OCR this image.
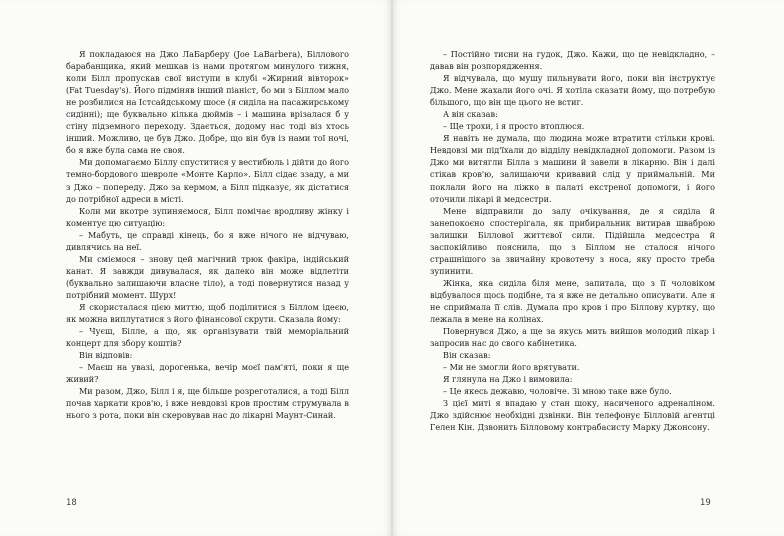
Я покладаюся на Джо ЛаБарберу (Joe LaBarbera), Біллового барабанщика, який мешкав із нами протягом минулого тижня, коли Білл пропускав свої виступи в клубі «Жирний вівторок» (Fat Tuesday's). Його підміняв інший піаніст, бо ми з Біллом мало не розбилися на Істсайдському шосе (я сиділа на пасажирському сидінні); ще буквально кілька дюймів – і машина врізалася б у стіну підземного переходу. Здається, додому нас тоді віз хтось інший. Можливо, це був Джо. Добре, що він був із нами тої ночі, бо я вже була сама не своя.

Ми допомагаємо Біллу спуститися у вестибюль і дійти до його темно-бордового шевроле «Монте Карло». Білл сідає ззаду, а ми з Джо – попереду. Джо за кермом, а Білл підказує, як дістатися до потрібної адреси в місті.

Коли ми вкотре зупиняємося, Білл помічає вродливу жінку і коментує цю ситуацію:

– Мабуть, це справді кінець, бо я вже нічого не відчуваю, дивлячись на неї.

Ми сміємося – знову цей магічний трюк факіра, індійський канат. Я завжди дивувалася, як далеко він може відлетіти (буквально залишаючи власне тіло), а тоді повернутися назад у потрібний момент. Шурх!

Я скористалася цією миттю, щоб поділитися з Біллом ідеєю, як можна виплутатися з його фінансової скрути. Сказала йому:

– Чуєш, Білле, а що, як організувати твій меморіальний концерт для збору коштів?

Він відповів:

– Маєш на увазі, дорогенька, вечір моєї пам'яті, поки я ще живий?

Ми разом, Джо, Білл і я, ще більше розреготалися, а тоді Білл почав харкати кров'ю, і вже невдовзі кров простим струмувала в нього з рота, поки він скеровував нас до лікарні Маунт-Синай.

18

– Постійно тисни на гудок, Джо. Кажи, що це невідкладно, – давав він розпорядження.

Я відчувала, що мушу пильнувати його, поки він інструктує Джо. Мене жахали його очі. Я хотіла сказати йому, що потребую більшого, що він ще цього не встиг.

А він сказав:

– Ще трохи, і я просто втоплюся.

Я навіть не думала, що людина може втратити стільки крові. Невдовзі ми під'їхали до відділу невідкладної допомоги. Разом із Джо ми витягли Білла з машини й завели в лікарню. Він і далі стікав кров'ю, залишаючи кривавий слід у приймальній. Ми поклали його на ліжко в палаті екстреної допомоги, і його оточили лікарі й медсестри.

Мене відправили до залу очікування, де я сиділа й занепокоєно спостерігала, як прибиральник витирав шваброю залишки Біллової життєвої сили. Підійшла медсестра й заспокійливо пояснила, що з Біллом не сталося нічого страшнішого за звичайну кровотечу з носа, яку просто треба зупинити.

Жінка, яка сиділа біля мене, запитала, що з її чоловіком відбувалося щось подібне, та я вже не детально описувати. Але я не сприймала її слів. Думала про кров і про Біллову куртку, що лежала в мене на колінах.

Повернувся Джо, а ще за якусь мить вийшов молодий лікар і запросив нас до свого кабінетика.

Він сказав:

– Ми не змогли його врятувати.

Я глянула на Джо і вимовила:

– Це якесь дежавю, чоловіче. Зі мною таке вже було.

З цієї миті я впадаю у стан шоку, насиченого адреналіном. Джо здійснює необхідні дзвінки. Він телефонує Білловій агентці Гелен Кін. Дзвонить Білловому контрабасисту Марку Джонсону.

19
